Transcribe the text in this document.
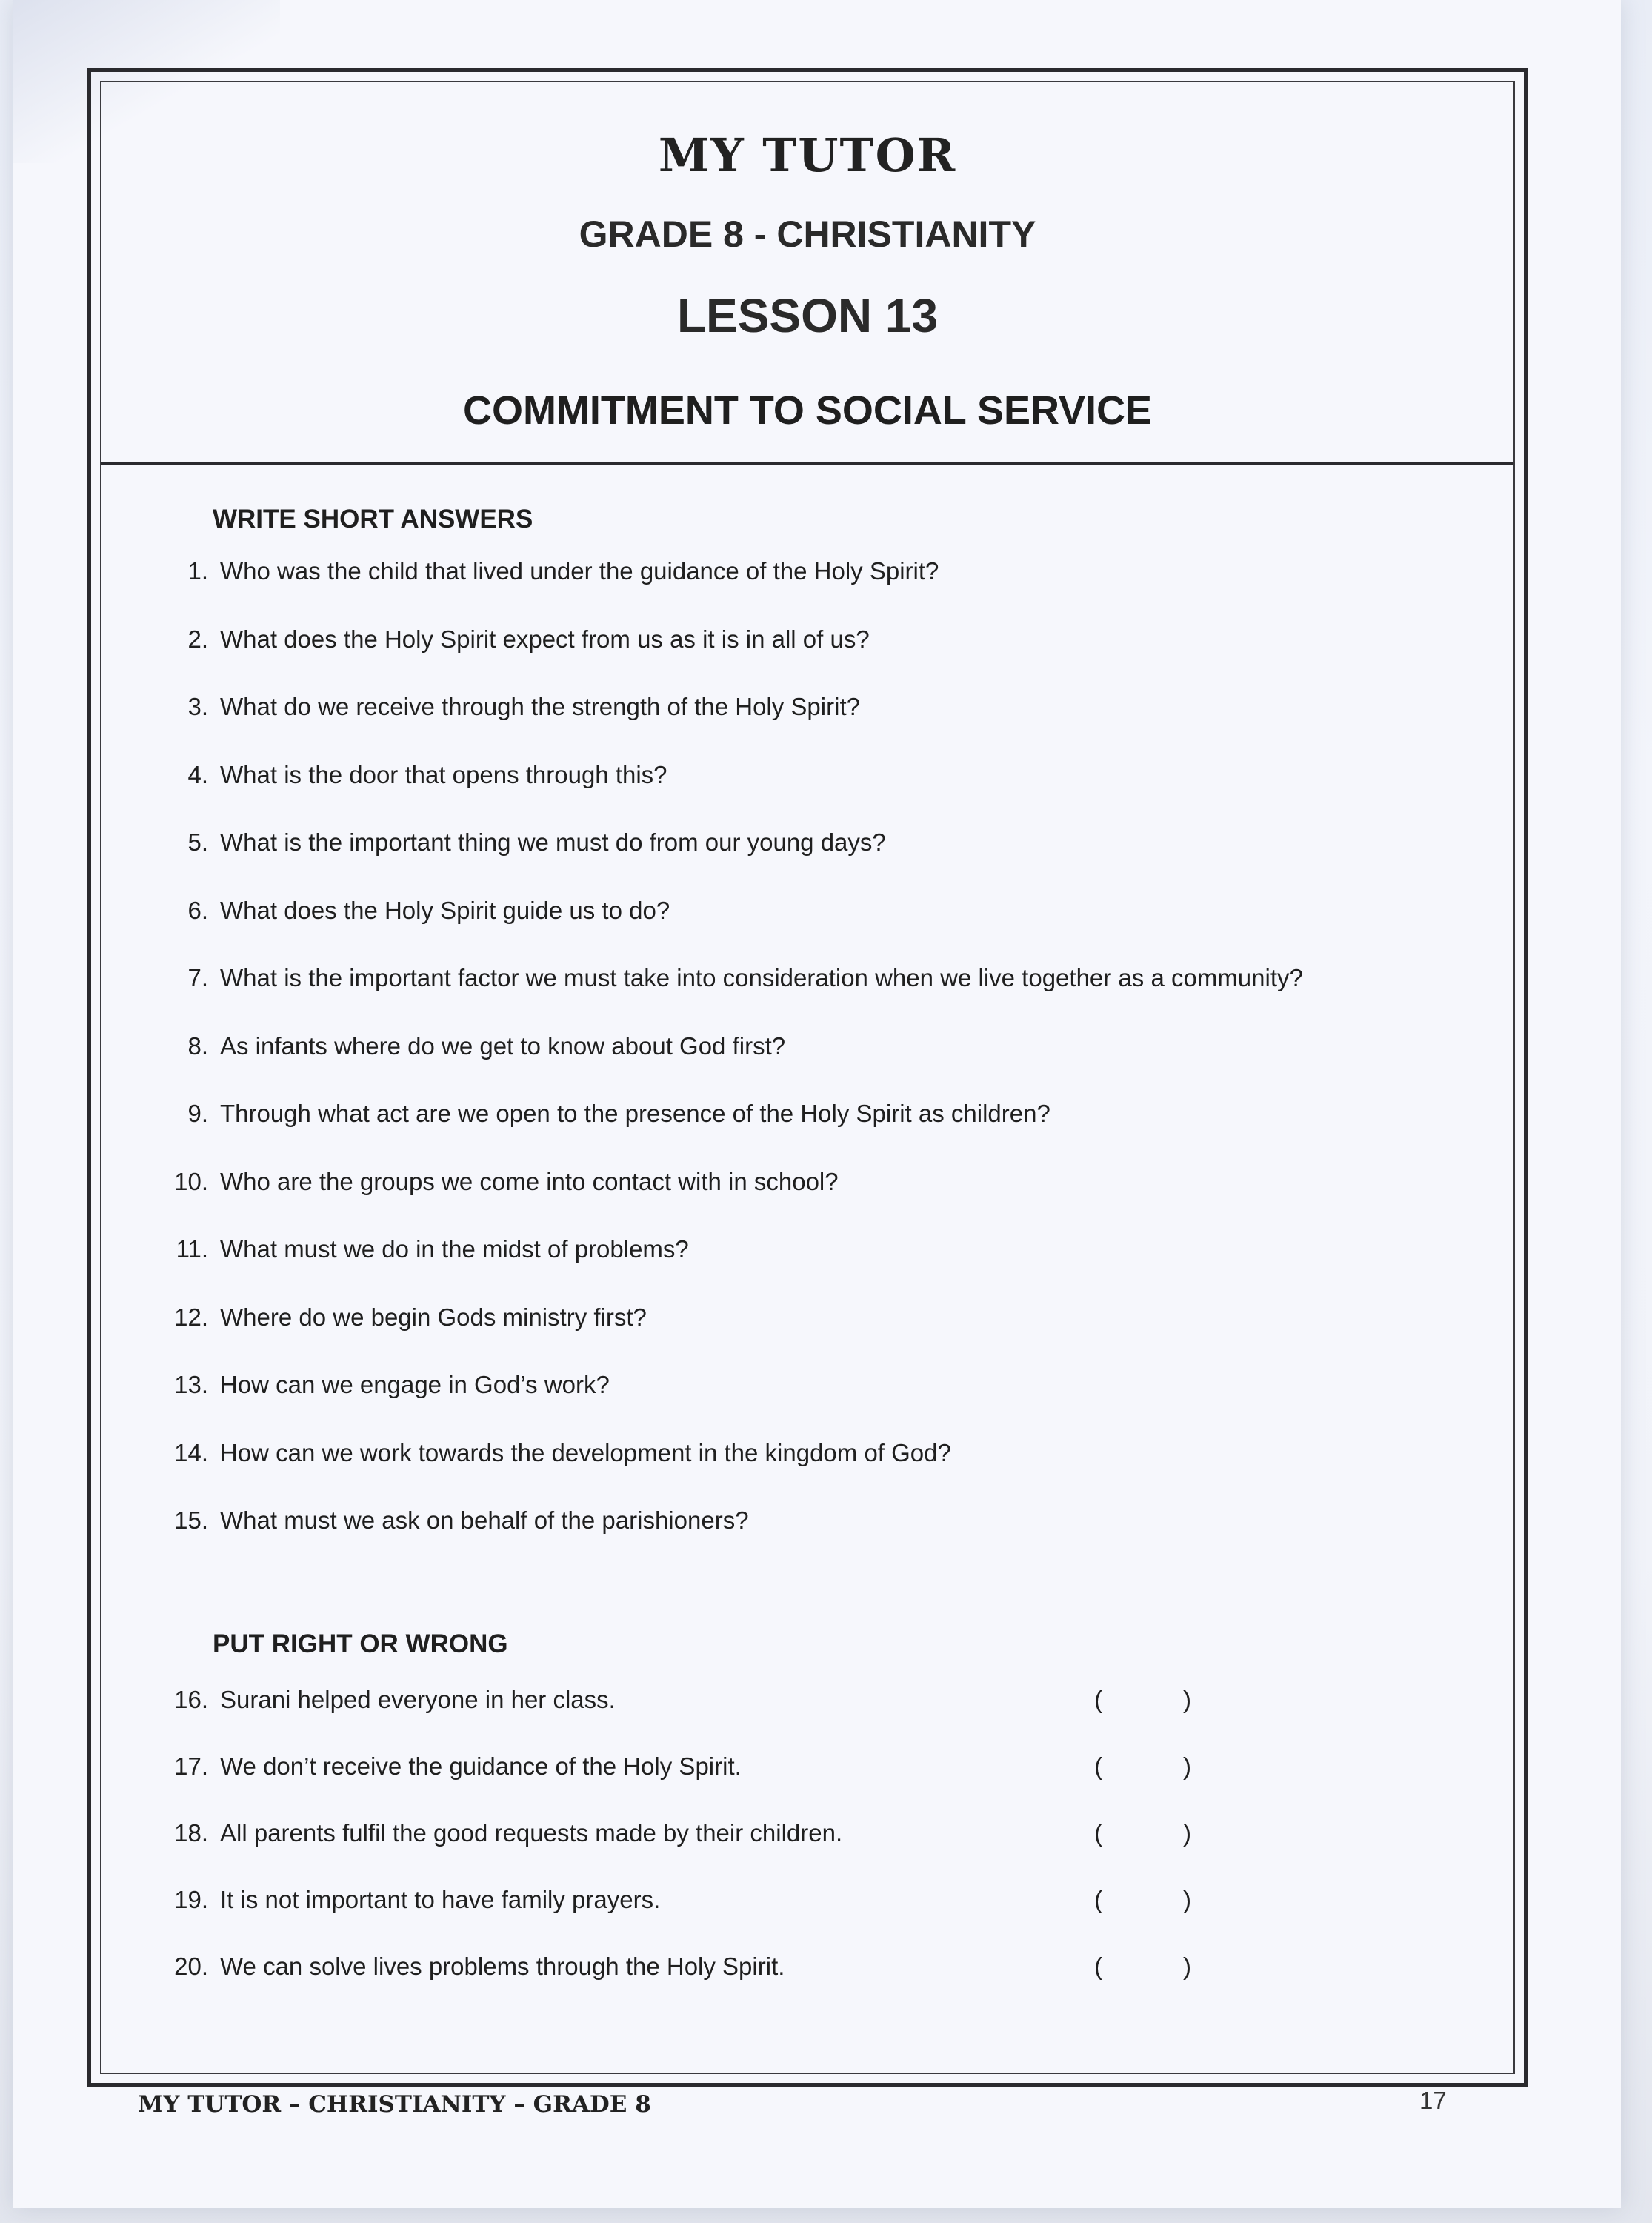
MY TUTOR
GRADE 8 - CHRISTIANITY
LESSON 13
COMMITMENT TO SOCIAL SERVICE
WRITE SHORT ANSWERS
1. Who was the child that lived under the guidance of the Holy Spirit?
2. What does the Holy Spirit expect from us as it is in all of us?
3. What do we receive through the strength of the Holy Spirit?
4. What is the door that opens through this?
5. What is the important thing we must do from our young days?
6. What does the Holy Spirit guide us to do?
7. What is the important factor we must take into consideration when we live together as a community?
8. As infants where do we get to know about God first?
9. Through what act are we open to the presence of the Holy Spirit as children?
10. Who are the groups we come into contact with in school?
11. What must we do in the midst of problems?
12. Where do we begin Gods ministry first?
13. How can we engage in God’s work?
14. How can we work towards the development in the kingdom of God?
15. What must we ask on behalf of the parishioners?
PUT RIGHT OR WRONG
16. Surani helped everyone in her class.	(	)
17. We don’t receive the guidance of the Holy Spirit.	(	)
18. All parents fulfil the good requests made by their children.	(	)
19. It is not important to have family prayers.	(	)
20. We can solve lives problems through the Holy Spirit.	(	)
MY TUTOR – CHRISTIANITY – GRADE 8	17
